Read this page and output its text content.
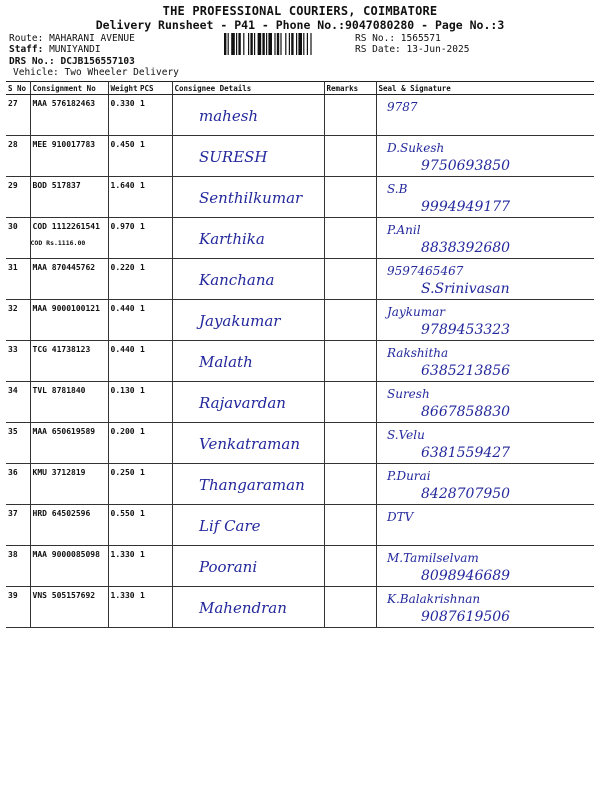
THE PROFESSIONAL COURIERS, COIMBATORE
Delivery Runsheet - P41 - Phone No.:9047080280 - Page No.:3
Route: MAHARANI AVENUE
Staff: MUNIYANDI
DRS No.: DCJB156557103
Vehicle: Two Wheeler Delivery
RS No.: 1565571
RS Date: 13-Jun-2025
S No	Consignment No	Weight	PCS	Consignee Details	Remarks	Seal & Signature
27	MAA 576182463	0.330	1	mahesh		9787

28	MEE 910017783	0.450	1	SURESH		D.Sukesh
9750693850

29	BOD 517837	1.640	1	Senthilkumar		S.B
9994949177

30	COD 1112261541
COD Rs.1116.00	0.970	1	Karthika		P.Anil
8838392680

31	MAA 870445762	0.220	1	Kanchana		9597465467
S.Srinivasan

32	MAA 9000100121	0.440	1	Jayakumar		Jaykumar
9789453323

33	TCG 41738123	0.440	1	Malath		Rakshitha
6385213856

34	TVL 8781840	0.130	1	Rajavardan		Suresh
8667858830

35	MAA 650619589	0.200	1	Venkatraman		S.Velu
6381559427

36	KMU 3712819	0.250	1	Thangaraman		P.Durai
8428707950

37	HRD 64502596	0.550	1	Lif Care		DTV

38	MAA 9000085098	1.330	1	Poorani		M.Tamilselvam
8098946689

39	VNS 505157692	1.330	1	Mahendran		K.Balakrishnan
9087619506
